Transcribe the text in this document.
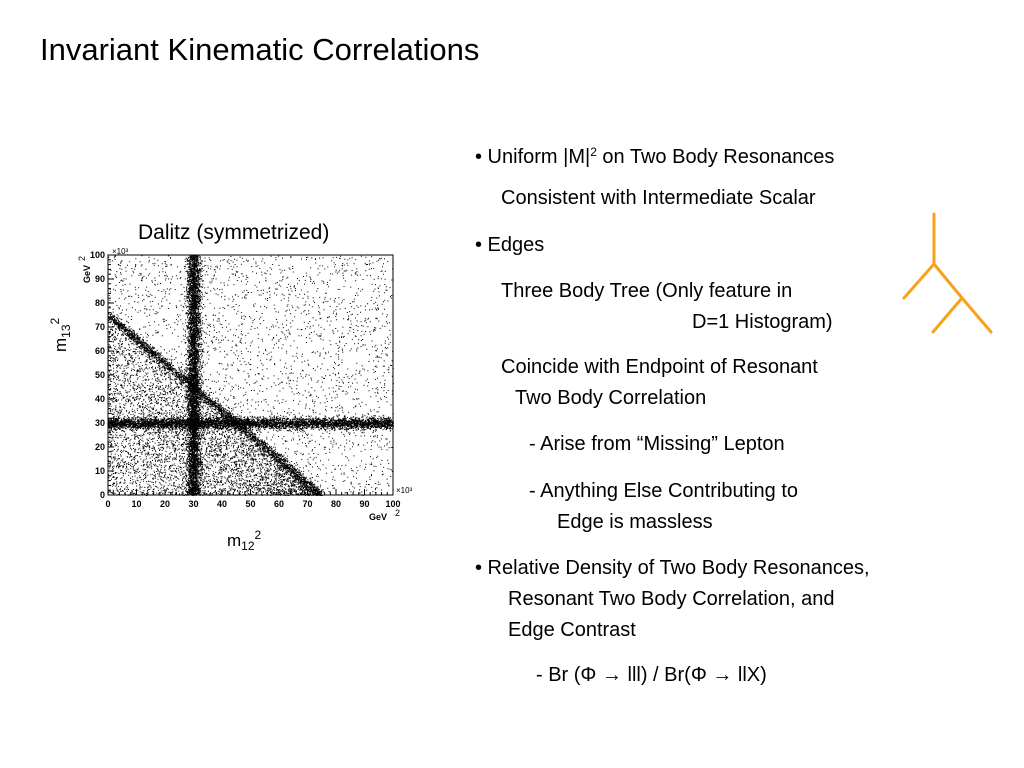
Invariant Kinematic Correlations
Dalitz (symmetrized)
0 10 20 30 40 50 60 70 80 90 100
0
10
20
30
40
50
60
70
80
90
100
×10³
×10³
GeV 2
GeV
2
$m_{13}^2$
$m_{12}^2$
• Uniform $|M|^2$ on Two Body Resonances
Consistent with Intermediate Scalar
• Edges
Three Body Tree (Only feature in
D=1 Histogram)
Coincide with Endpoint of Resonant
Two Body Correlation
- Arise from “Missing” Lepton
- Anything Else Contributing to
Edge is massless
• Relative Density of Two Body Resonances,
Resonant Two Body Correlation, and
Edge Contrast
- Br (Φ → lll) / Br(Φ → llX)
